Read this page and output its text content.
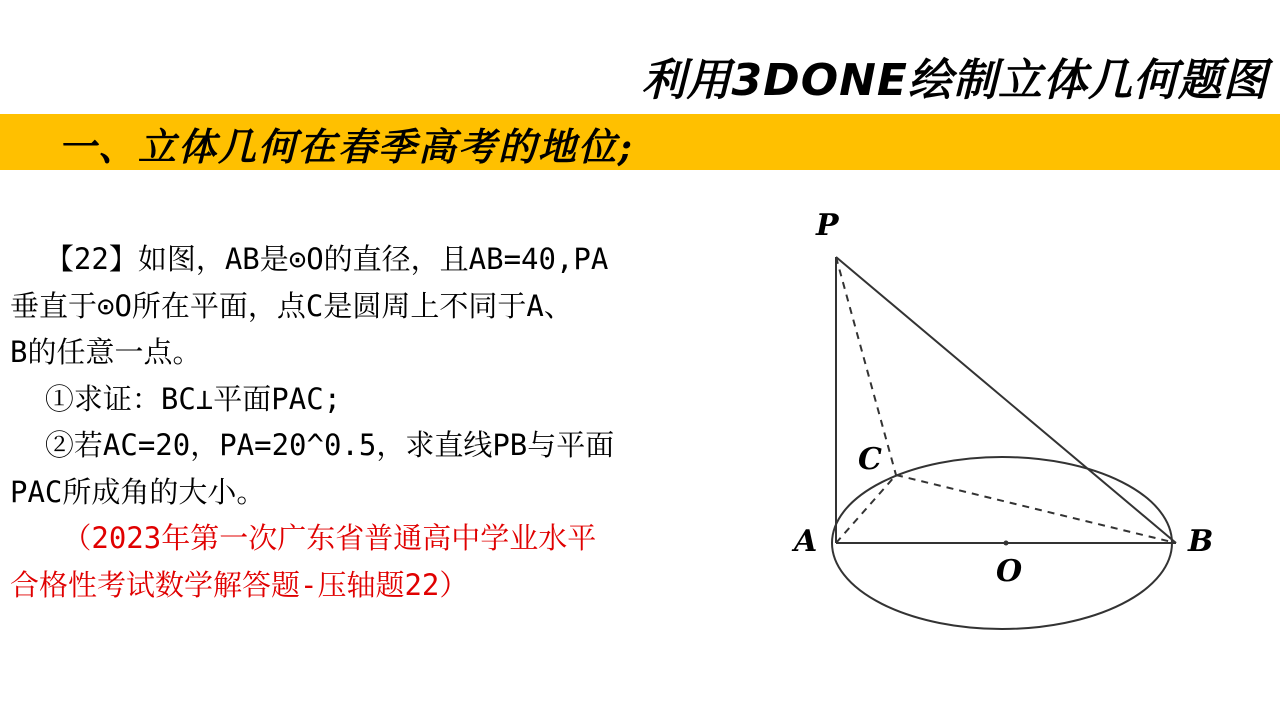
利用3DONE绘制立体几何题图
一、立体几何在春季高考的地位;
【22】如图，AB是⊙O的直径，且AB=40,PA
垂直于⊙O所在平面，点C是圆周上不同于A、
B的任意一点。
①求证：BC⊥平面PAC;
②若AC=20，PA=20^0.5，求直线PB与平面
PAC所成角的大小。
（2023年第一次广东省普通高中学业水平
合格性考试数学解答题-压轴题22）
P
C
A	B
O
